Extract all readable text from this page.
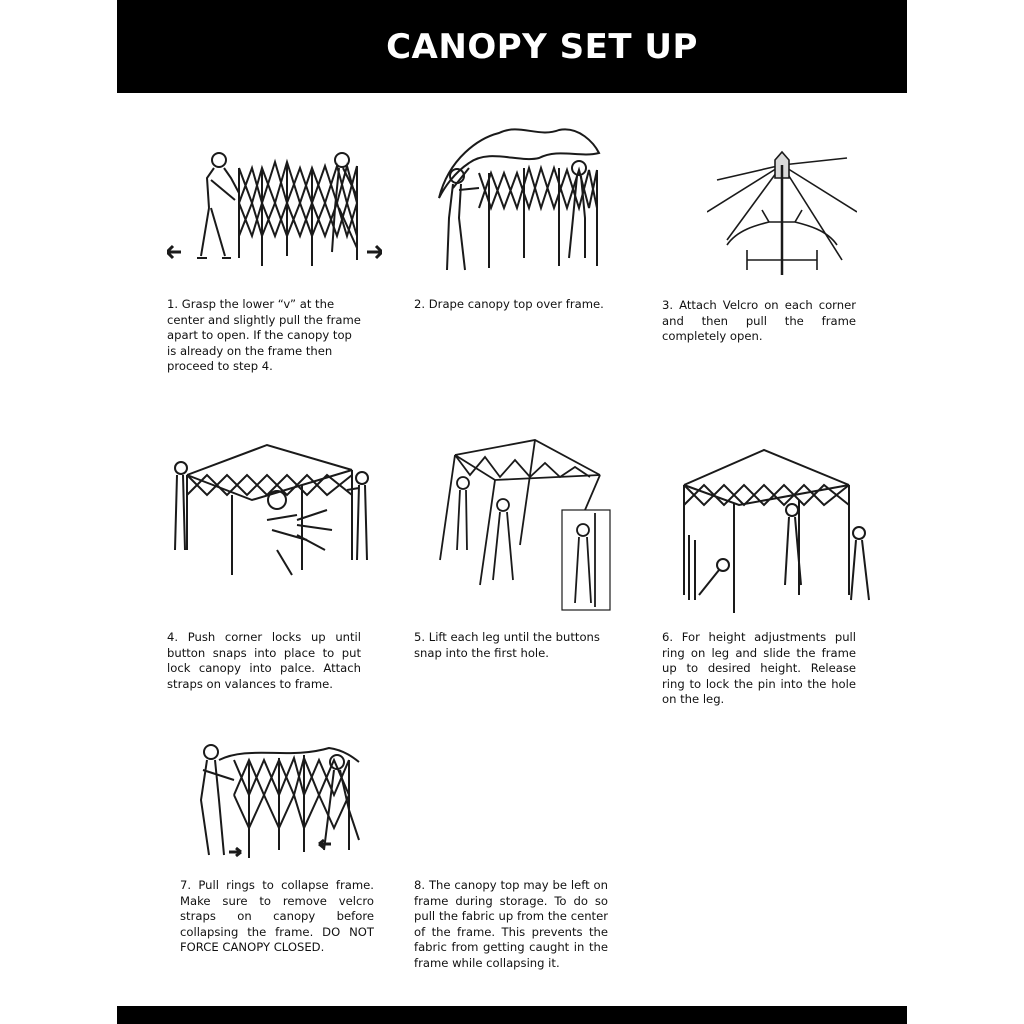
CANOPY SET UP

1. Grasp the lower “v” at the center and slightly pull the frame apart to open. If the canopy top is already on the frame then proceed to step 4.

2. Drape canopy top over frame.	3. Attach Velcro on each corner and then pull the frame completely open.

4. Push corner locks up until button snaps into place to put lock canopy into palce. Attach straps on valances to frame.

5. Lift each leg until the buttons snap into the first hole.

6. For height adjustments pull ring on leg and slide the frame up to desired height. Release ring to lock the pin into the hole on the leg.

7. Pull rings to collapse frame. Make sure to remove velcro straps on canopy before collapsing the frame. DO NOT FORCE CANOPY CLOSED.

8. The canopy top may be left on frame during storage. To do so pull the fabric up from the center of the frame. This prevents the fabric from getting caught in the frame while collapsing it.
